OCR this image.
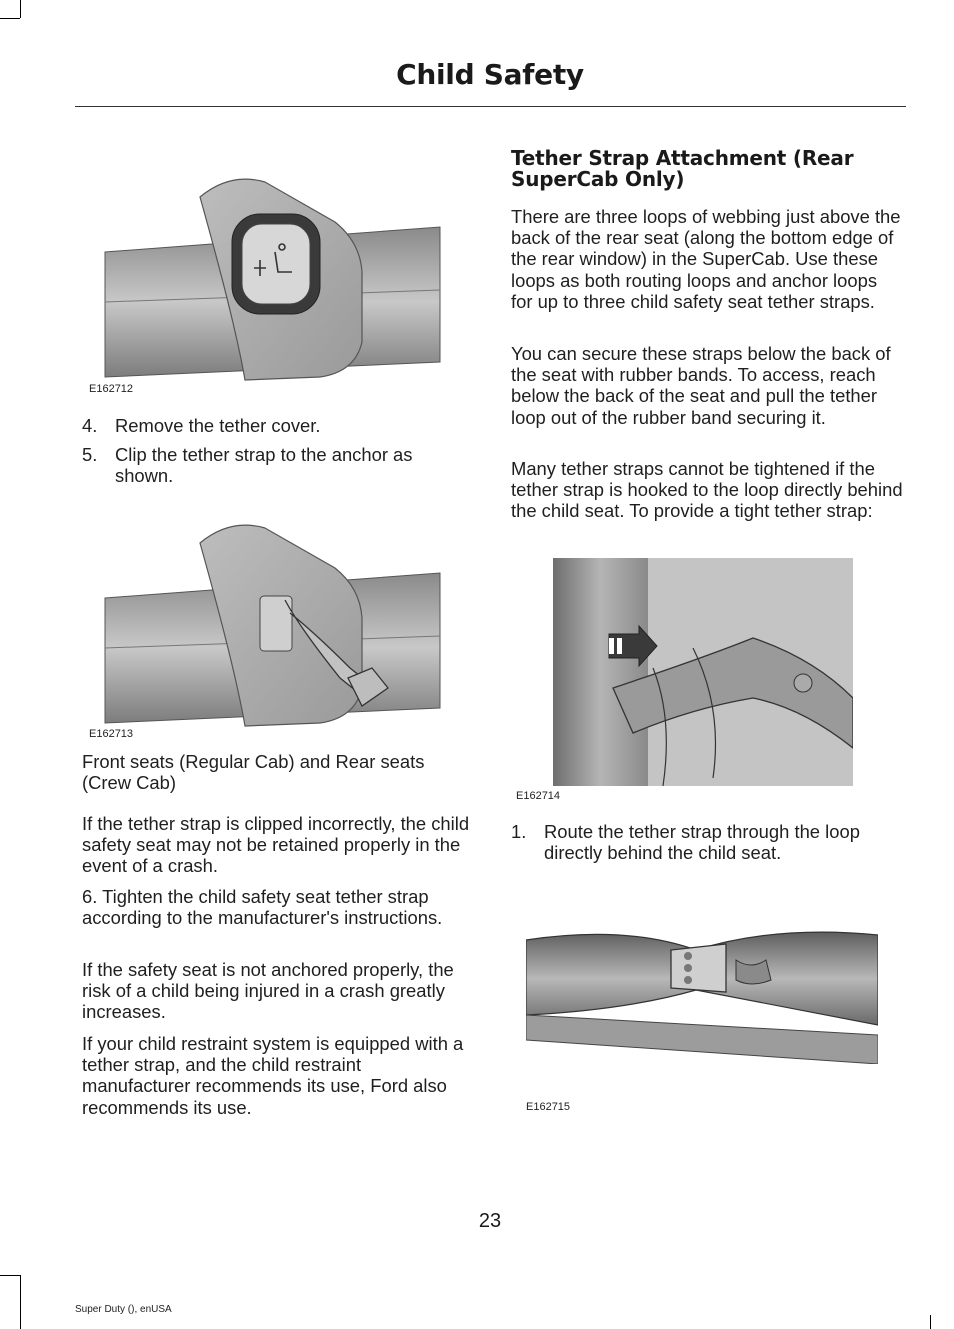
Child Safety
E162712
4. Remove the tether cover.
5. Clip the tether strap to the anchor as shown.
E162713

Front seats (Regular Cab) and Rear seats (Crew Cab)

If the tether strap is clipped incorrectly, the child safety seat may not be retained properly in the event of a crash.

6. Tighten the child safety seat tether strap according to the manufacturer's instructions.

If the safety seat is not anchored properly, the risk of a child being injured in a crash greatly increases.

If your child restraint system is equipped with a tether strap, and the child restraint manufacturer recommends its use, Ford also recommends its use.

Tether Strap Attachment (Rear SuperCab Only)

There are three loops of webbing just above the back of the rear seat (along the bottom edge of the rear window) in the SuperCab. Use these loops as both routing loops and anchor loops for up to three child safety seat tether straps.

You can secure these straps below the back of the seat with rubber bands. To access, reach below the back of the seat and pull the tether loop out of the rubber band securing it.

Many tether straps cannot be tightened if the tether strap is hooked to the loop directly behind the child seat. To provide a tight tether strap:

E162714
1. Route the tether strap through the loop directly behind the child seat.
E162715
23
Super Duty (), enUSA
